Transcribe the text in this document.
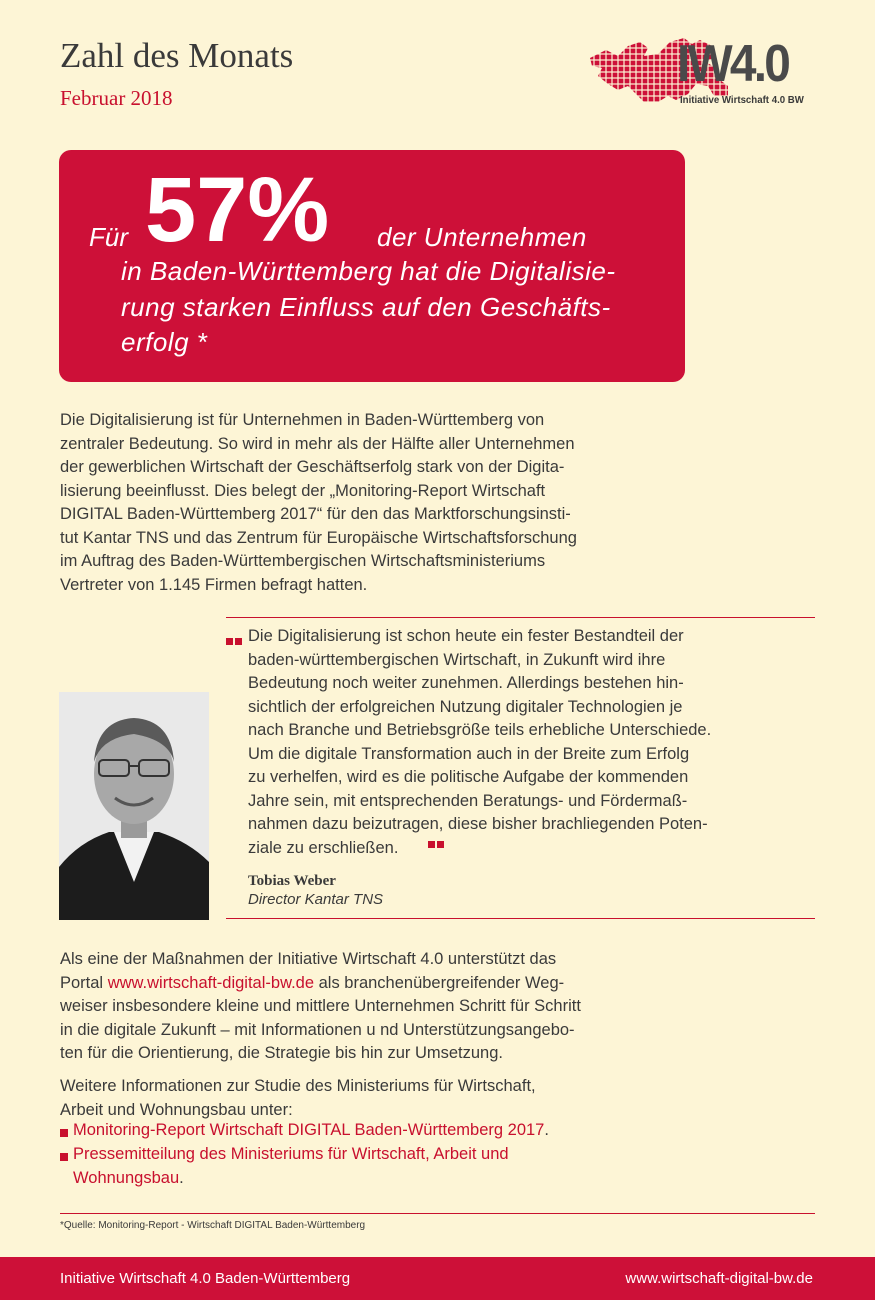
Zahl des Monats
Februar 2018
IW4.0
Initiative Wirtschaft 4.0 BW
Für 57% der Unternehmen
in Baden-Württemberg hat die Digitalisie-
rung starken Einfluss auf den Geschäfts-
erfolg *
Die Digitalisierung ist für Unternehmen in Baden-Württemberg von
zentraler Bedeutung. So wird in mehr als der Hälfte aller Unternehmen
der gewerblichen Wirtschaft der Geschäftserfolg stark von der Digita-
lisierung beeinflusst. Dies belegt der „Monitoring-Report Wirtschaft
DIGITAL Baden-Württemberg 2017“ für den das Marktforschungsinsti-
tut Kantar TNS und das Zentrum für Europäische Wirtschaftsforschung
im Auftrag des Baden-Württembergischen Wirtschaftsministeriums
Vertreter von 1.145 Firmen befragt hatten.
Die Digitalisierung ist schon heute ein fester Bestandteil der
baden-württembergischen Wirtschaft, in Zukunft wird ihre
Bedeutung noch weiter zunehmen. Allerdings bestehen hin-
sichtlich der erfolgreichen Nutzung digitaler Technologien je
nach Branche und Betriebsgröße teils erhebliche Unterschiede.
Um die digitale Transformation auch in der Breite zum Erfolg
zu verhelfen, wird es die politische Aufgabe der kommenden
Jahre sein, mit entsprechenden Beratungs- und Fördermaß-
nahmen dazu beizutragen, diese bisher brachliegenden Poten-
ziale zu erschließen.
Tobias Weber
Director Kantar TNS
Als eine der Maßnahmen der Initiative Wirtschaft 4.0 unterstützt das
Portal www.wirtschaft-digital-bw.de als branchenübergreifender Weg-
weiser insbesondere kleine und mittlere Unternehmen Schritt für Schritt
in die digitale Zukunft – mit Informationen u nd Unterstützungsangebo-
ten für die Orientierung, die Strategie bis hin zur Umsetzung.
Weitere Informationen zur Studie des Ministeriums für Wirtschaft,
Arbeit und Wohnungsbau unter:
Monitoring-Report Wirtschaft DIGITAL Baden-Württemberg 2017.
Pressemitteilung des Ministeriums für Wirtschaft, Arbeit und
Wohnungsbau.
*Quelle: Monitoring-Report - Wirtschaft DIGITAL Baden-Württemberg
Initiative Wirtschaft 4.0 Baden-Württemberg	www.wirtschaft-digital-bw.de
